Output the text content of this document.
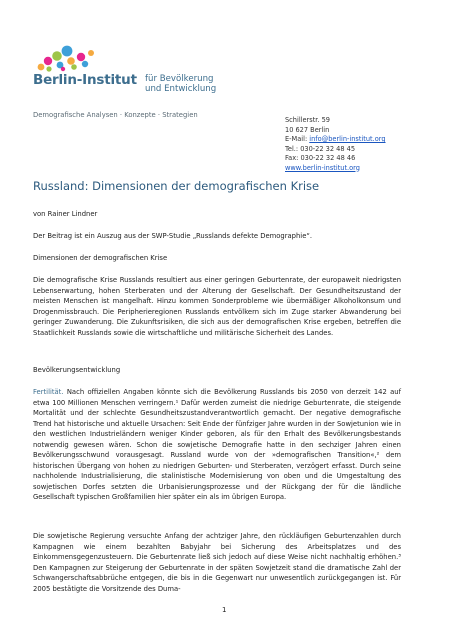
Berlin-Institut für Bevölkerung
und Entwicklung
Demografische Analysen · Konzepte · Strategien
Schillerstr. 59
10 627 Berlin
E-Mail: info@berlin-institut.org
Tel.: 030-22 32 48 45
Fax: 030-22 32 48 46
www.berlin-institut.org
Russland: Dimensionen der demografischen Krise
von Rainer Lindner
Der Beitrag ist ein Auszug aus der SWP-Studie „Russlands defekte Demographie“.
Dimensionen der demografischen Krise
Die demografische Krise Russlands resultiert aus einer geringen Geburtenrate, der europaweit niedrigsten Lebenserwartung, hohen Sterberaten und der Alterung der Gesellschaft. Der Gesundheitszustand der meisten Menschen ist mangelhaft. Hinzu kommen Sonderprobleme wie übermäßiger Alkoholkonsum und Drogenmissbrauch. Die Peripherieregionen Russlands entvölkern sich im Zuge starker Abwanderung bei geringer Zuwanderung. Die Zukunftsrisiken, die sich aus der demografischen Krise ergeben, betreffen die Staatlichkeit Russlands sowie die wirtschaftliche und militärische Sicherheit des Landes.
Bevölkerungsentwicklung
Fertilität. Nach offiziellen Angaben könnte sich die Bevölkerung Russlands bis 2050 von derzeit 142 auf etwa 100 Millionen Menschen verringern.¹ Dafür werden zumeist die niedrige Geburtenrate, die steigende Mortalität und der schlechte Gesundheitszustandverantwortlich gemacht. Der negative demografische Trend hat historische und aktuelle Ursachen: Seit Ende der fünfziger Jahre wurden in der Sowjetunion wie in den westlichen Industrieländern weniger Kinder geboren, als für den Erhalt des Bevölkerungsbestands notwendig gewesen wären. Schon die sowjetische Demografie hatte in den sechziger Jahren einen Bevölkerungsschwund vorausgesagt. Russland wurde von der »demografischen Transition«,² dem historischen Übergang von hohen zu niedrigen Geburten- und Sterberaten, verzögert erfasst. Durch seine nachholende Industrialisierung, die stalinistische Modernisierung von oben und die Umgestaltung des sowjetischen Dorfes setzten die Urbanisierungsprozesse und der Rückgang der für die ländliche Gesellschaft typischen Großfamilien hier später ein als im übrigen Europa.
Die sowjetische Regierung versuchte Anfang der achtziger Jahre, den rückläufigen Geburtenzahlen durch Kampagnen wie einem bezahlten Babyjahr bei Sicherung des Arbeitsplatzes und des Einkommensgegenzusteuern. Die Geburtenrate ließ sich jedoch auf diese Weise nicht nachhaltig erhöhen.³ Den Kampagnen zur Steigerung der Geburtenrate in der späten Sowjetzeit stand die dramatische Zahl der Schwangerschaftsabbrüche entgegen, die bis in die Gegenwart nur unwesentlich zurückgegangen ist. Für 2005 bestätigte die Vorsitzende des Duma-
1
